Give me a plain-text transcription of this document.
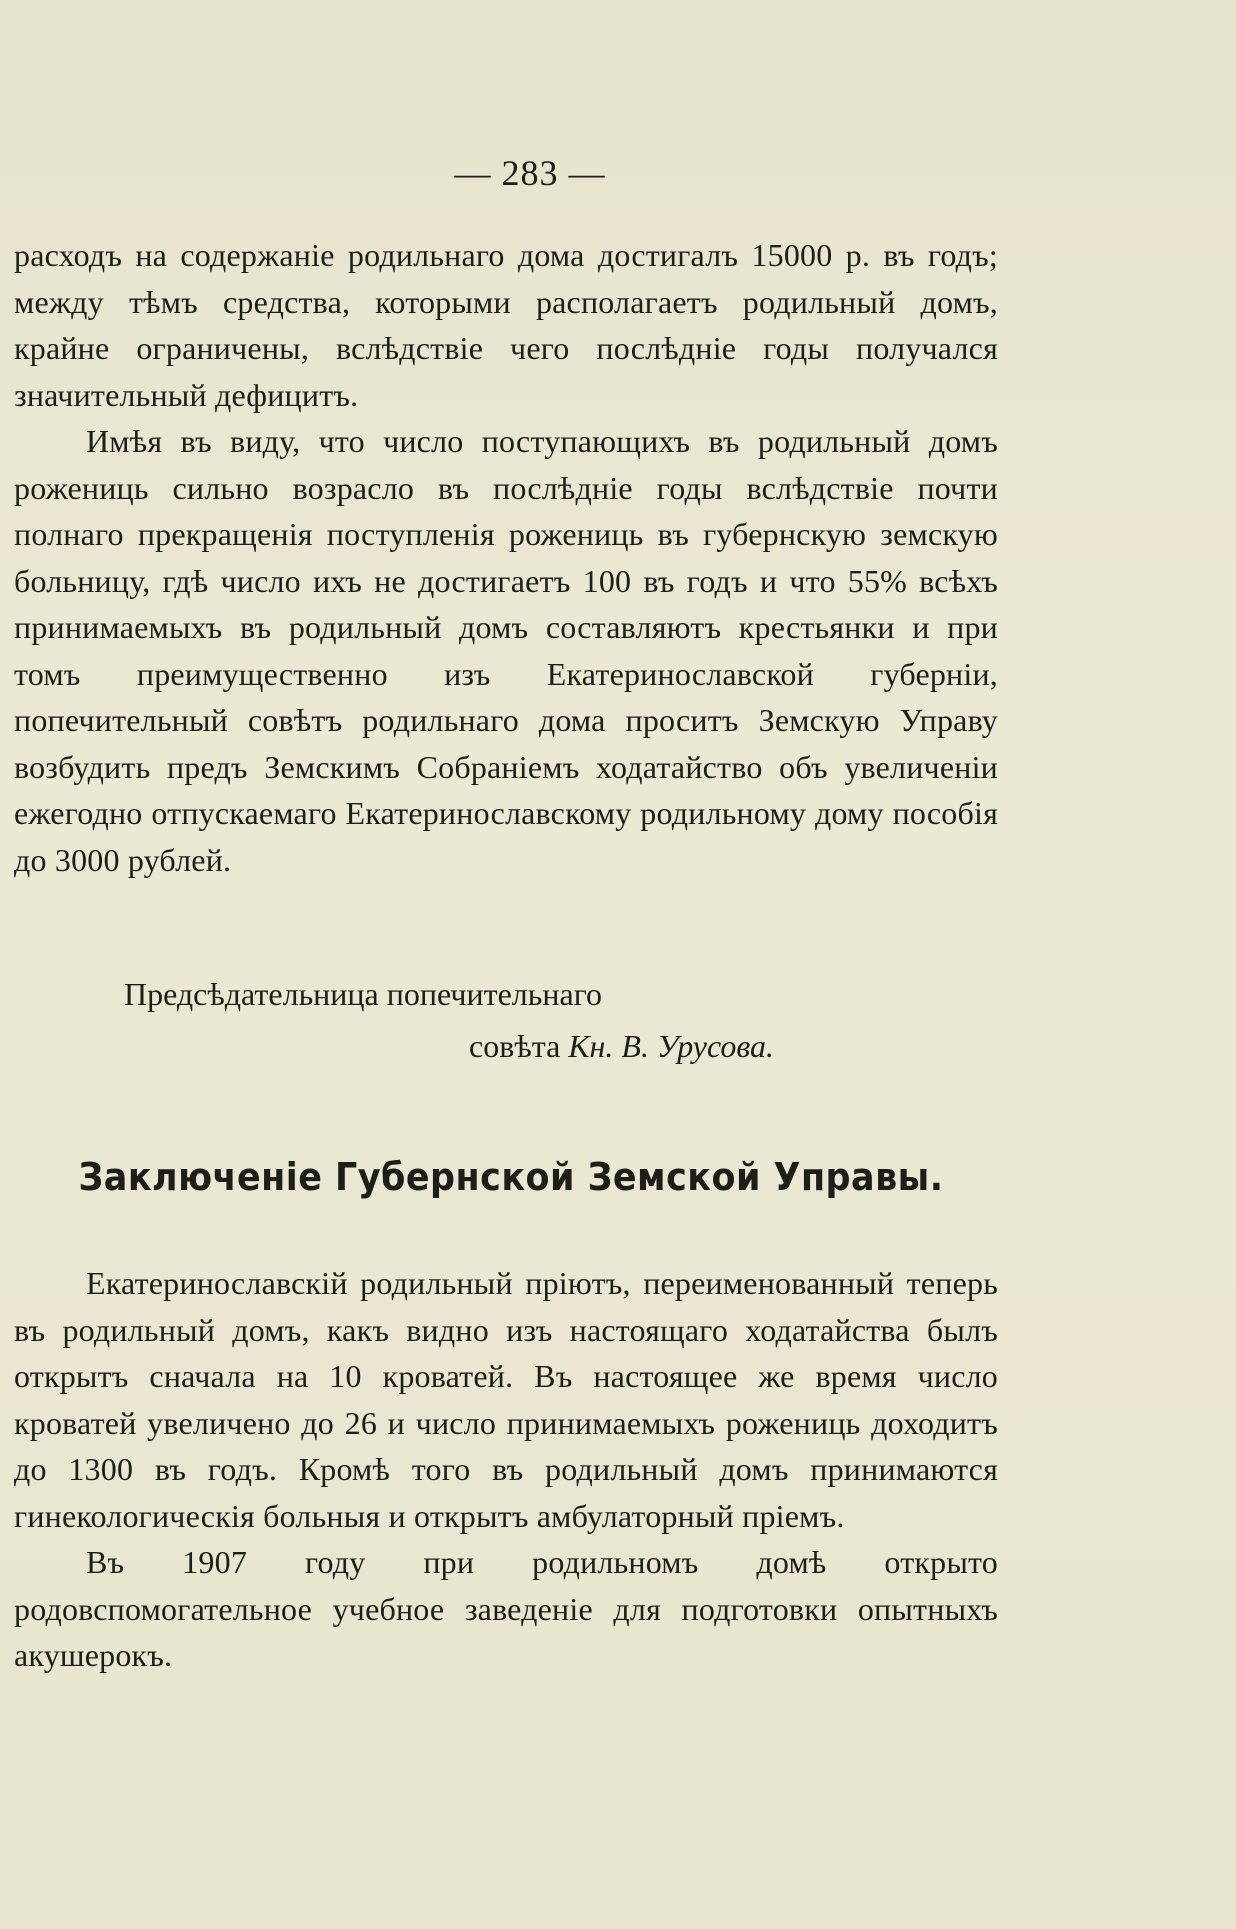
— 283 —

расходъ на содержаніе родильнаго дома достигалъ 15000 р. въ годъ; между тѣмъ средства, которыми располагаетъ родильный домъ, крайне ограничены, вслѣдствіе чего послѣдніе годы получался значительный дефицитъ.

Имѣя въ виду, что число поступающихъ въ родильный домъ рожениць сильно возрасло въ послѣдніе годы вслѣдствіе почти полнаго прекращенія поступленія рожениць въ губернскую земскую больницу, гдѣ число ихъ не достигаетъ 100 въ годъ и что 55% всѣхъ принимаемыхъ въ родильный домъ составляютъ крестьянки и при томъ преимущественно изъ Екатеринославской губерніи, попечительный совѣтъ родильнаго дома проситъ Земскую Управу возбудить предъ Земскимъ Собраніемъ ходатайство объ увеличеніи ежегодно отпускаемаго Екатеринославскому родильному дому пособія до 3000 рублей.

Предсѣдательница попечительнаго
совѣта Кн. В. Урусова.
Заключеніе Губернской Земской Управы.

Екатеринославскій родильный пріютъ, переименованный теперь въ родильный домъ, какъ видно изъ настоящаго ходатайства былъ открытъ сначала на 10 кроватей. Въ настоящее же время число кроватей увеличено до 26 и число принимаемыхъ рожениць доходитъ до 1300 въ годъ. Кромѣ того въ родильный домъ принимаются гинекологическія больныя и открытъ амбулаторный пріемъ.

Въ 1907 году при родильномъ домѣ открыто родовспомогательное учебное заведеніе для подготовки опытныхъ акушерокъ.
